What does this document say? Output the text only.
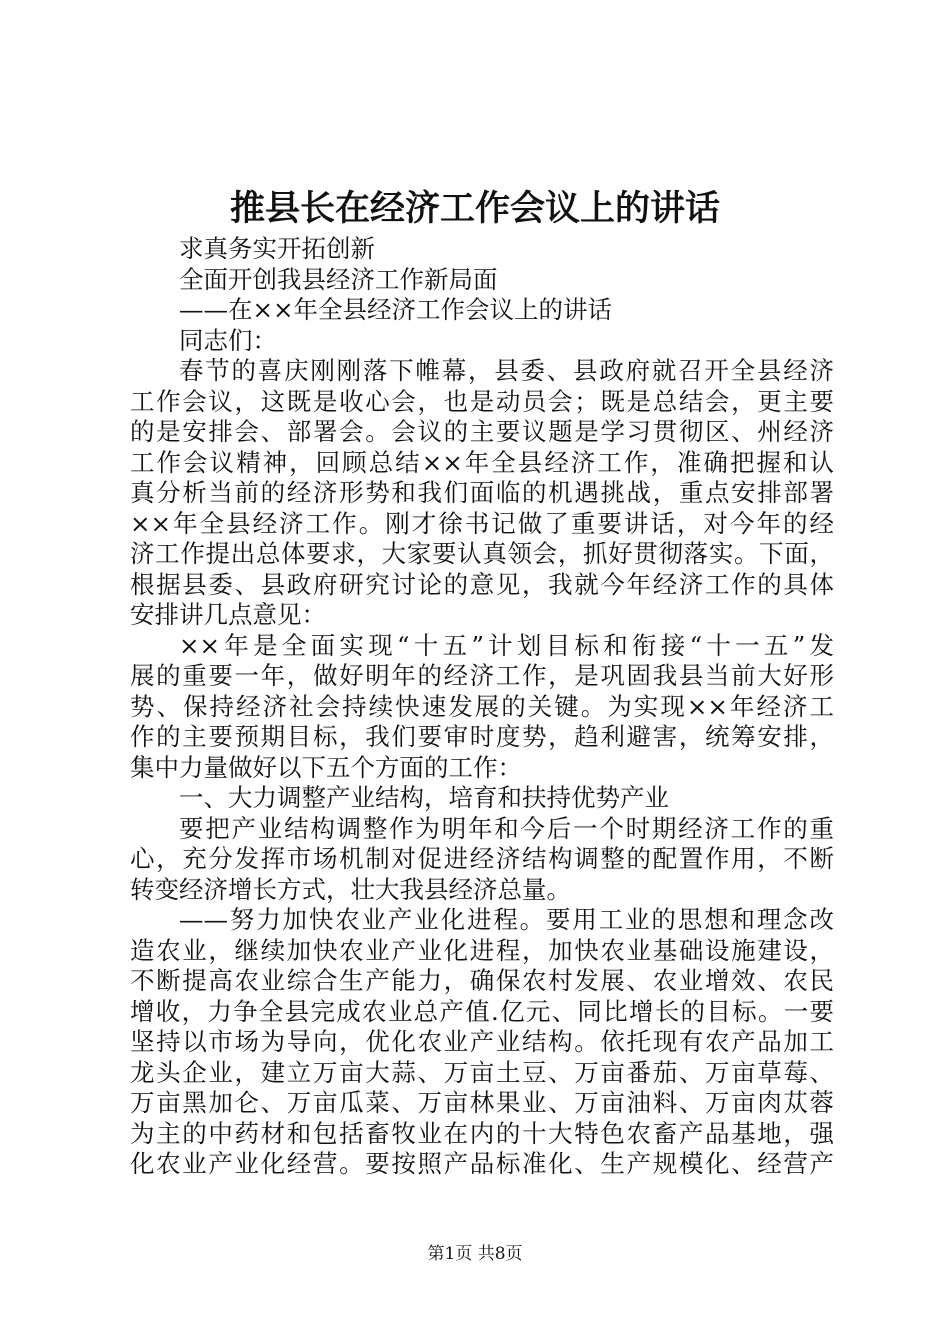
推县长在经济工作会议上的讲话
求真务实开拓创新
全面开创我县经济工作新局面
——在××年全县经济工作会议上的讲话
同志们：
春节的喜庆刚刚落下帷幕，县委、县政府就召开全县经济
工作会议，这既是收心会，也是动员会；既是总结会，更主要
的是安排会、部署会。会议的主要议题是学习贯彻区、州经济
工作会议精神，回顾总结××年全县经济工作，准确把握和认
真分析当前的经济形势和我们面临的机遇挑战，重点安排部署
××年全县经济工作。刚才徐书记做了重要讲话，对今年的经
济工作提出总体要求，大家要认真领会，抓好贯彻落实。下面，
根据县委、县政府研究讨论的意见，我就今年经济工作的具体
安排讲几点意见：
××年是全面实现“十五”计划目标和衔接“十一五”发
展的重要一年，做好明年的经济工作，是巩固我县当前大好形
势、保持经济社会持续快速发展的关键。为实现××年经济工
作的主要预期目标，我们要审时度势，趋利避害，统筹安排，
集中力量做好以下五个方面的工作：
一、大力调整产业结构，培育和扶持优势产业
要把产业结构调整作为明年和今后一个时期经济工作的重
心，充分发挥市场机制对促进经济结构调整的配置作用，不断
转变经济增长方式，壮大我县经济总量。
——努力加快农业产业化进程。要用工业的思想和理念改
造农业，继续加快农业产业化进程，加快农业基础设施建设，
不断提高农业综合生产能力，确保农村发展、农业增效、农民
增收，力争全县完成农业总产值.亿元、同比增长的目标。一要
坚持以市场为导向，优化农业产业结构。依托现有农产品加工
龙头企业，建立万亩大蒜、万亩土豆、万亩番茄、万亩草莓、
万亩黑加仑、万亩瓜菜、万亩林果业、万亩油料、万亩肉苁蓉
为主的中药材和包括畜牧业在内的十大特色农畜产品基地，强
化农业产业化经营。要按照产品标准化、生产规模化、经营产
第1页 共8页
